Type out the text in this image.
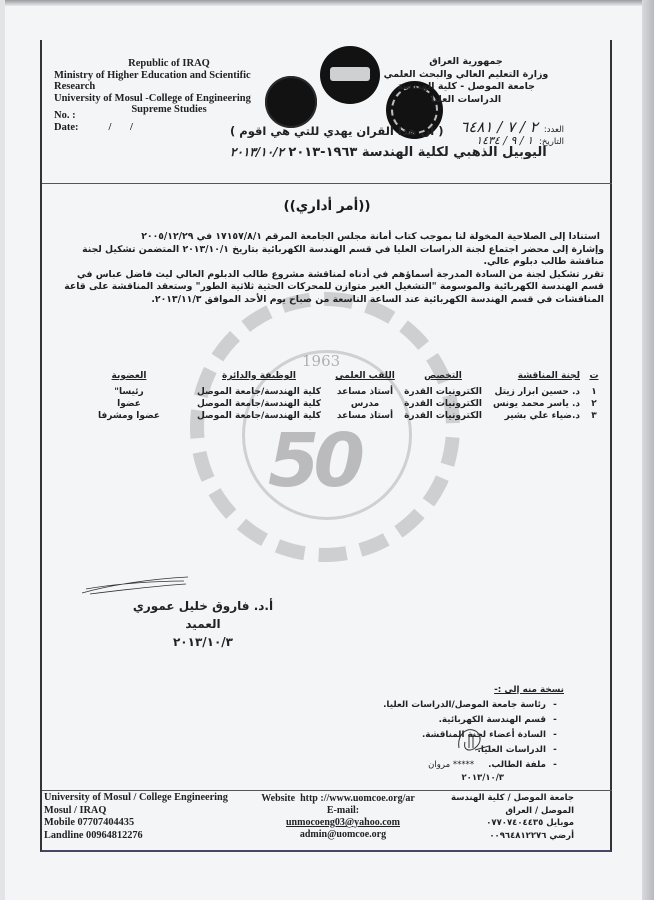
Republic of IRAQ
Ministry of Higher Education and Scientific Research
University of Mosul -College of Engineering
Supreme Studies
No. :
Date:	/ /
جمهورية العراق
وزارة التعليم العالي والبحث العلمي
جامعة الموصل - كلية الهندسة
الدراسات العليا
العدد:٢ / ٧ / ٦٤٨١
التاريخ:١ / ٩ / ١٤٣٤
( ان هذا القران يهدي للتي هي اقوم )
اليوبيل الذهبي لكلية الهندسة ١٩٦٣-٢٠١٣ ٢٠١٣/١٠/٢
1963
50
((أمر أداري))

استنادا إلى الصلاحية المخولة لنا بموجب كتاب أمانة مجلس الجامعة المرقم ١٧١٥٧/٨/١ في ٢٠٠٥/١٢/٢٩

وإشارة إلى محضر اجتماع لجنة الدراسات العليا في قسم الهندسة الكهربائية بتاريخ ٢٠١٣/١٠/١ المتضمن تشكيل لجنة مناقشة طالب دبلوم عالي.

تقرر تشكيل لجنة من السادة المدرجة أسماؤهم في أدناه لمناقشة مشروع طالب الدبلوم العالي ليث فاضل عباس في قسم الهندسة الكهربائية والموسومة "التشغيل الغير متوازن للمحركات الحثية ثلاثية الطور" وستعقد المناقشة على قاعة المناقشات في قسم الهندسة الكهربائية عند الساعة التاسعة من صباح يوم الأحد الموافق ٢٠١٣/١١/٣.

ت
لجنة المناقشة
التخصص
اللقب العلمي
الوظيفة والدائرة
العضوية
١
د. حسين ابزار زيتل
الكترونيات القدرة
أستاذ مساعد
كلية الهندسة/جامعة الموصل
رئيسا"
٢
د. ياسر محمد يونس
الكترونيات القدرة
مدرس
كلية الهندسة/جامعة الموصل
عضوا
٣
د.ضياء علي بشير
الكترونيات القدرة
أستاذ مساعد
كلية الهندسة/جامعة الموصل
عضوا ومشرفا
أ.د. فاروق خليل عموري
العميد
٢٠١٣/١٠/٣
نسخة منه إلى :-
- رئاسة جامعة الموصل/الدراسات العليا.
- قسم الهندسة الكهربائية.
- السادة أعضاء لجنة المناقشة.
- الدراسات العليا.
- ملفة الطالب.***** مروان
٢٠١٣/١٠/٣
University of Mosul / College Engineering
Mosul / IRAQ
Mobile 07707404435
Landline 00964812276
Website http ://www.uomcoe.org/ar
E-mail:
unmocoeng03@yahoo.com
admin@uomcoe.org
جامعة الموصل / كلية الهندسة
الموصل / العراق
موبايل ٠٧٧٠٧٤٠٤٤٣٥
أرضي ٠٠٩٦٤٨١٢٢٧٦
